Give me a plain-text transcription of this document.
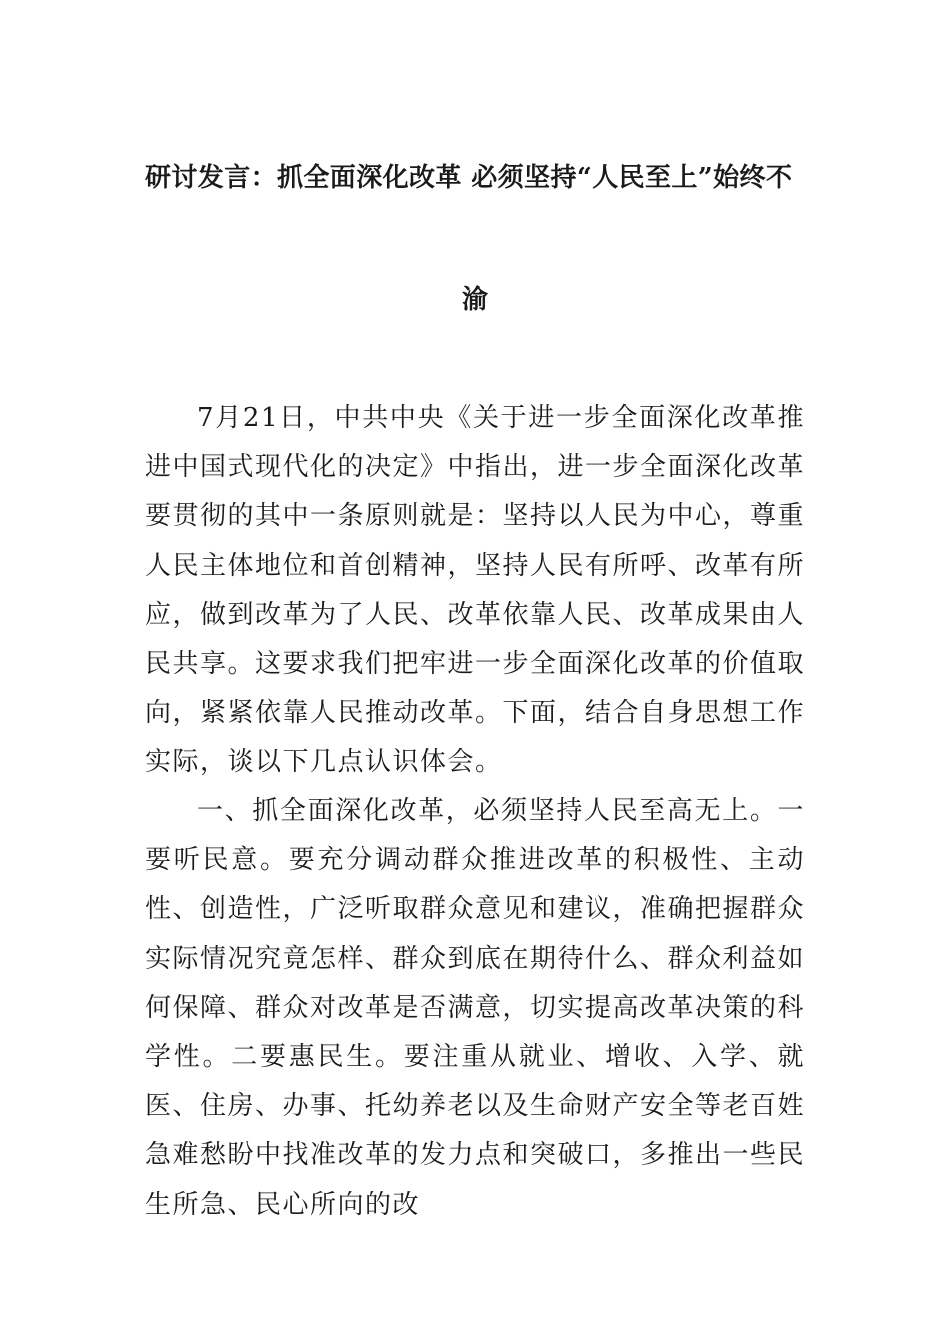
研讨发言：抓全面深化改革 必须坚持“人民至上”始终不
渝

7月21日，中共中央《关于进一步全面深化改革推进中国式现代化的决定》中指出，进一步全面深化改革要贯彻的其中一条原则就是：坚持以人民为中心，尊重人民主体地位和首创精神，坚持人民有所呼、改革有所应，做到改革为了人民、改革依靠人民、改革成果由人民共享。这要求我们把牢进一步全面深化改革的价值取向，紧紧依靠人民推动改革。下面，结合自身思想工作实际，谈以下几点认识体会。

一、抓全面深化改革，必须坚持人民至高无上。一要听民意。要充分调动群众推进改革的积极性、主动性、创造性，广泛听取群众意见和建议，准确把握群众实际情况究竟怎样、群众到底在期待什么、群众利益如何保障、群众对改革是否满意，切实提高改革决策的科学性。二要惠民生。要注重从就业、增收、入学、就医、住房、办事、托幼养老以及生命财产安全等老百姓急难愁盼中找准改革的发力点和突破口，多推出一些民生所急、民心所向的改
